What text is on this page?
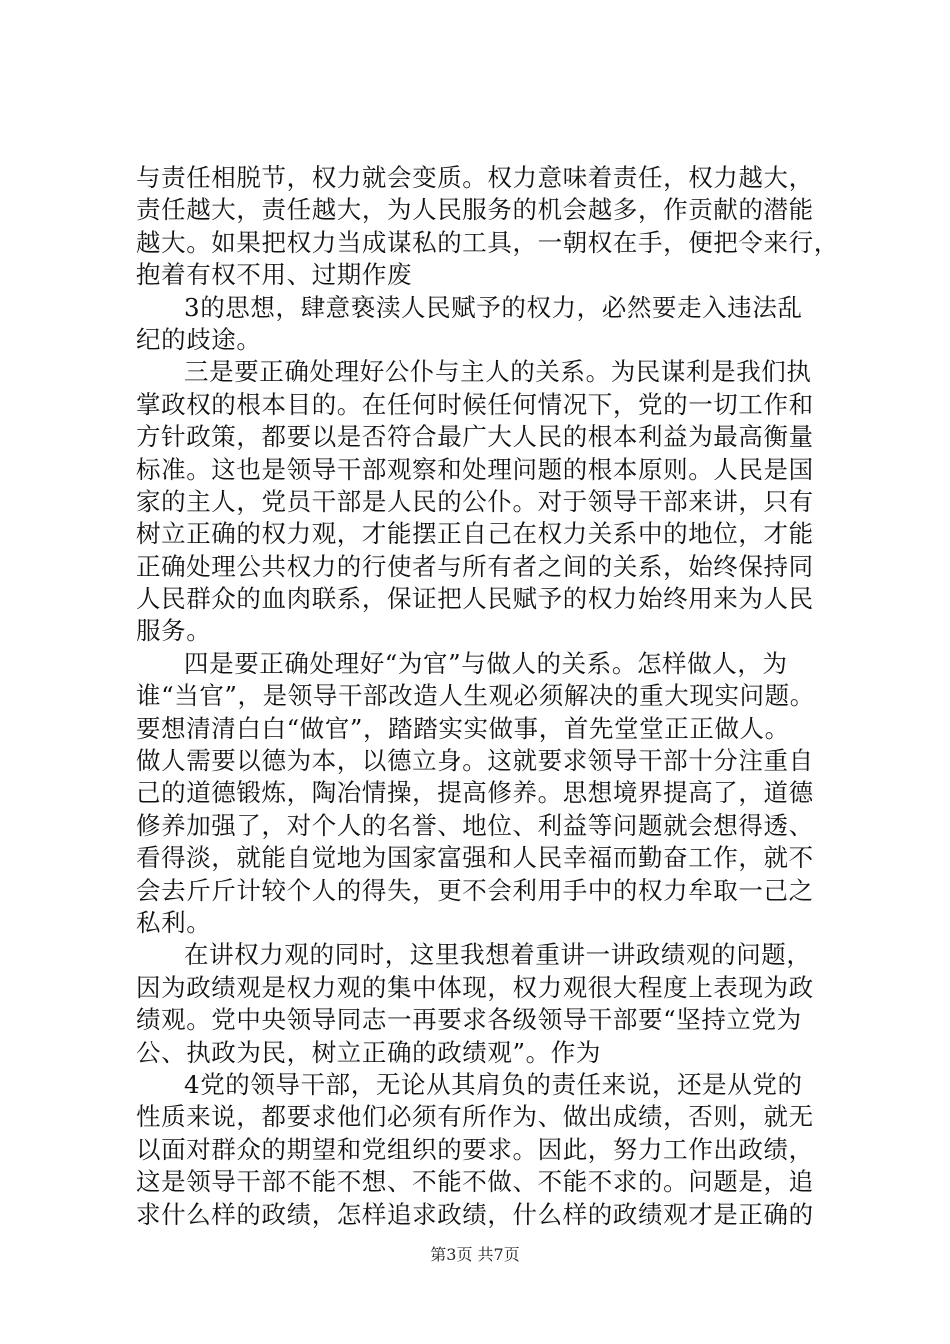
与责任相脱节，权力就会变质。权力意味着责任，权力越大，
责任越大，责任越大，为人民服务的机会越多，作贡献的潜能
越大。如果把权力当成谋私的工具，一朝权在手，便把令来行，
抱着有权不用、过期作废
3的思想，肆意亵渎人民赋予的权力，必然要走入违法乱
纪的歧途。
三是要正确处理好公仆与主人的关系。为民谋利是我们执
掌政权的根本目的。在任何时候任何情况下，党的一切工作和
方针政策，都要以是否符合最广大人民的根本利益为最高衡量
标准。这也是领导干部观察和处理问题的根本原则。人民是国
家的主人，党员干部是人民的公仆。对于领导干部来讲，只有
树立正确的权力观，才能摆正自己在权力关系中的地位，才能
正确处理公共权力的行使者与所有者之间的关系，始终保持同
人民群众的血肉联系，保证把人民赋予的权力始终用来为人民
服务。
四是要正确处理好“为官”与做人的关系。怎样做人，为
谁“当官”，是领导干部改造人生观必须解决的重大现实问题。
要想清清白白“做官”，踏踏实实做事，首先堂堂正正做人。
做人需要以德为本，以德立身。这就要求领导干部十分注重自
己的道德锻炼，陶冶情操，提高修养。思想境界提高了，道德
修养加强了，对个人的名誉、地位、利益等问题就会想得透、
看得淡，就能自觉地为国家富强和人民幸福而勤奋工作，就不
会去斤斤计较个人的得失，更不会利用手中的权力牟取一己之
私利。
在讲权力观的同时，这里我想着重讲一讲政绩观的问题，
因为政绩观是权力观的集中体现，权力观很大程度上表现为政
绩观。党中央领导同志一再要求各级领导干部要“坚持立党为
公、执政为民，树立正确的政绩观”。作为
4党的领导干部，无论从其肩负的责任来说，还是从党的
性质来说，都要求他们必须有所作为、做出成绩，否则，就无
以面对群众的期望和党组织的要求。因此，努力工作出政绩，
这是领导干部不能不想、不能不做、不能不求的。问题是，追
求什么样的政绩，怎样追求政绩，什么样的政绩观才是正确的
第3页 共7页
